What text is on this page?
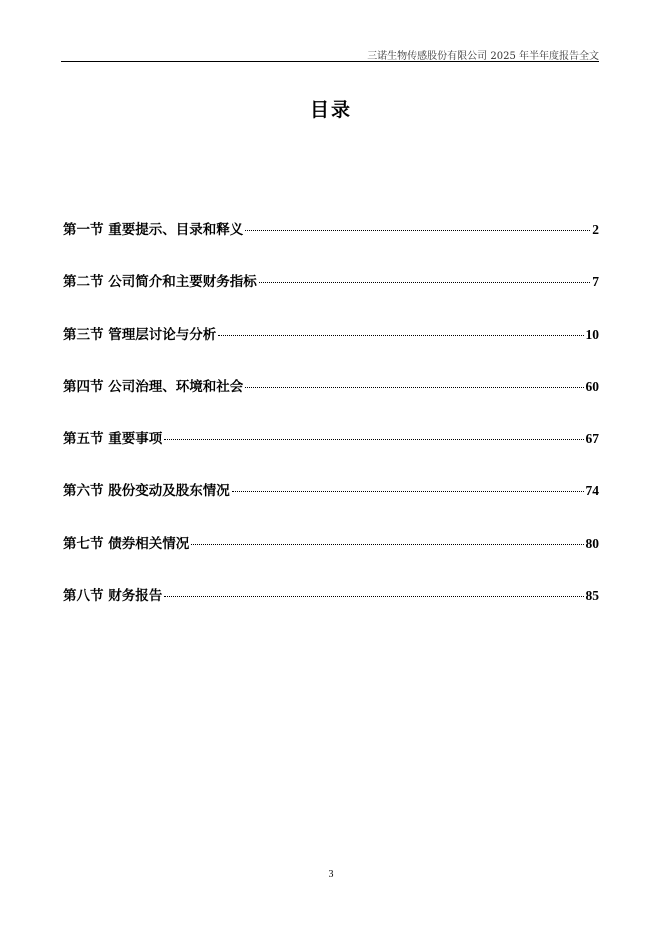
三诺生物传感股份有限公司 2025 年半年度报告全文
目录
第一节 重要提示、目录和释义	2
第二节 公司简介和主要财务指标	7
第三节 管理层讨论与分析	10
第四节 公司治理、环境和社会	60
第五节 重要事项	67
第六节 股份变动及股东情况	74
第七节 债券相关情况	80
第八节 财务报告	85
3
